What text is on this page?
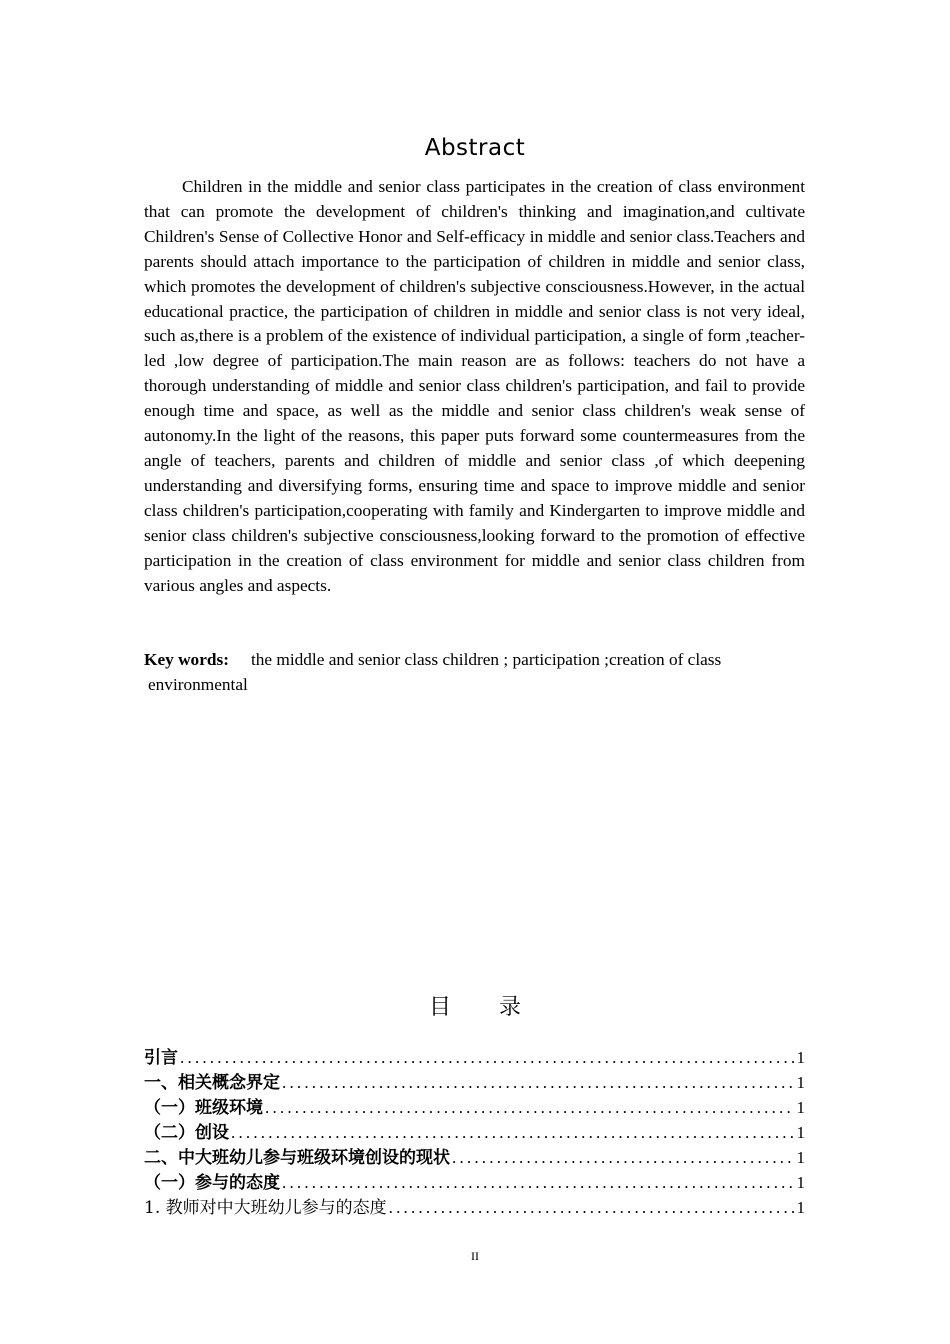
Abstract

Children in the middle and senior class participates in the creation of class environment that can promote the development of children's thinking and imagination,and cultivate Children's Sense of Collective Honor and Self-efficacy in middle and senior class.Teachers and parents should attach importance to the participation of children in middle and senior class, which promotes the development of children's subjective consciousness.However, in the actual educational practice, the participation of children in middle and senior class is not very ideal, such as,there is a problem of the existence of individual participation, a single of form ,teacher-led ,low degree of participation.The main reason are as follows: teachers do not have a thorough understanding of middle and senior class children's participation, and fail to provide enough time and space, as well as the middle and senior class children's weak sense of autonomy.In the light of the reasons, this paper puts forward some countermeasures from the angle of teachers, parents and children of middle and senior class ,of which deepening understanding and diversifying forms, ensuring time and space to improve middle and senior class children's participation,cooperating with family and Kindergarten to improve middle and senior class children's subjective consciousness,looking forward to the promotion of effective participation in the creation of class environment for middle and senior class children from various angles and aspects.

Key words: the middle and senior class children ; participation ;creation of class
environmental
目 录
引言 .....	1
一、相关概念界定 .....	1
（一）班级环境 .....	1
（二）创设 .....	1
二、中大班幼儿参与班级环境创设的现状 .....	1
（一）参与的态度 .....	1
1. 教师对中大班幼儿参与的态度 .....	1
II
